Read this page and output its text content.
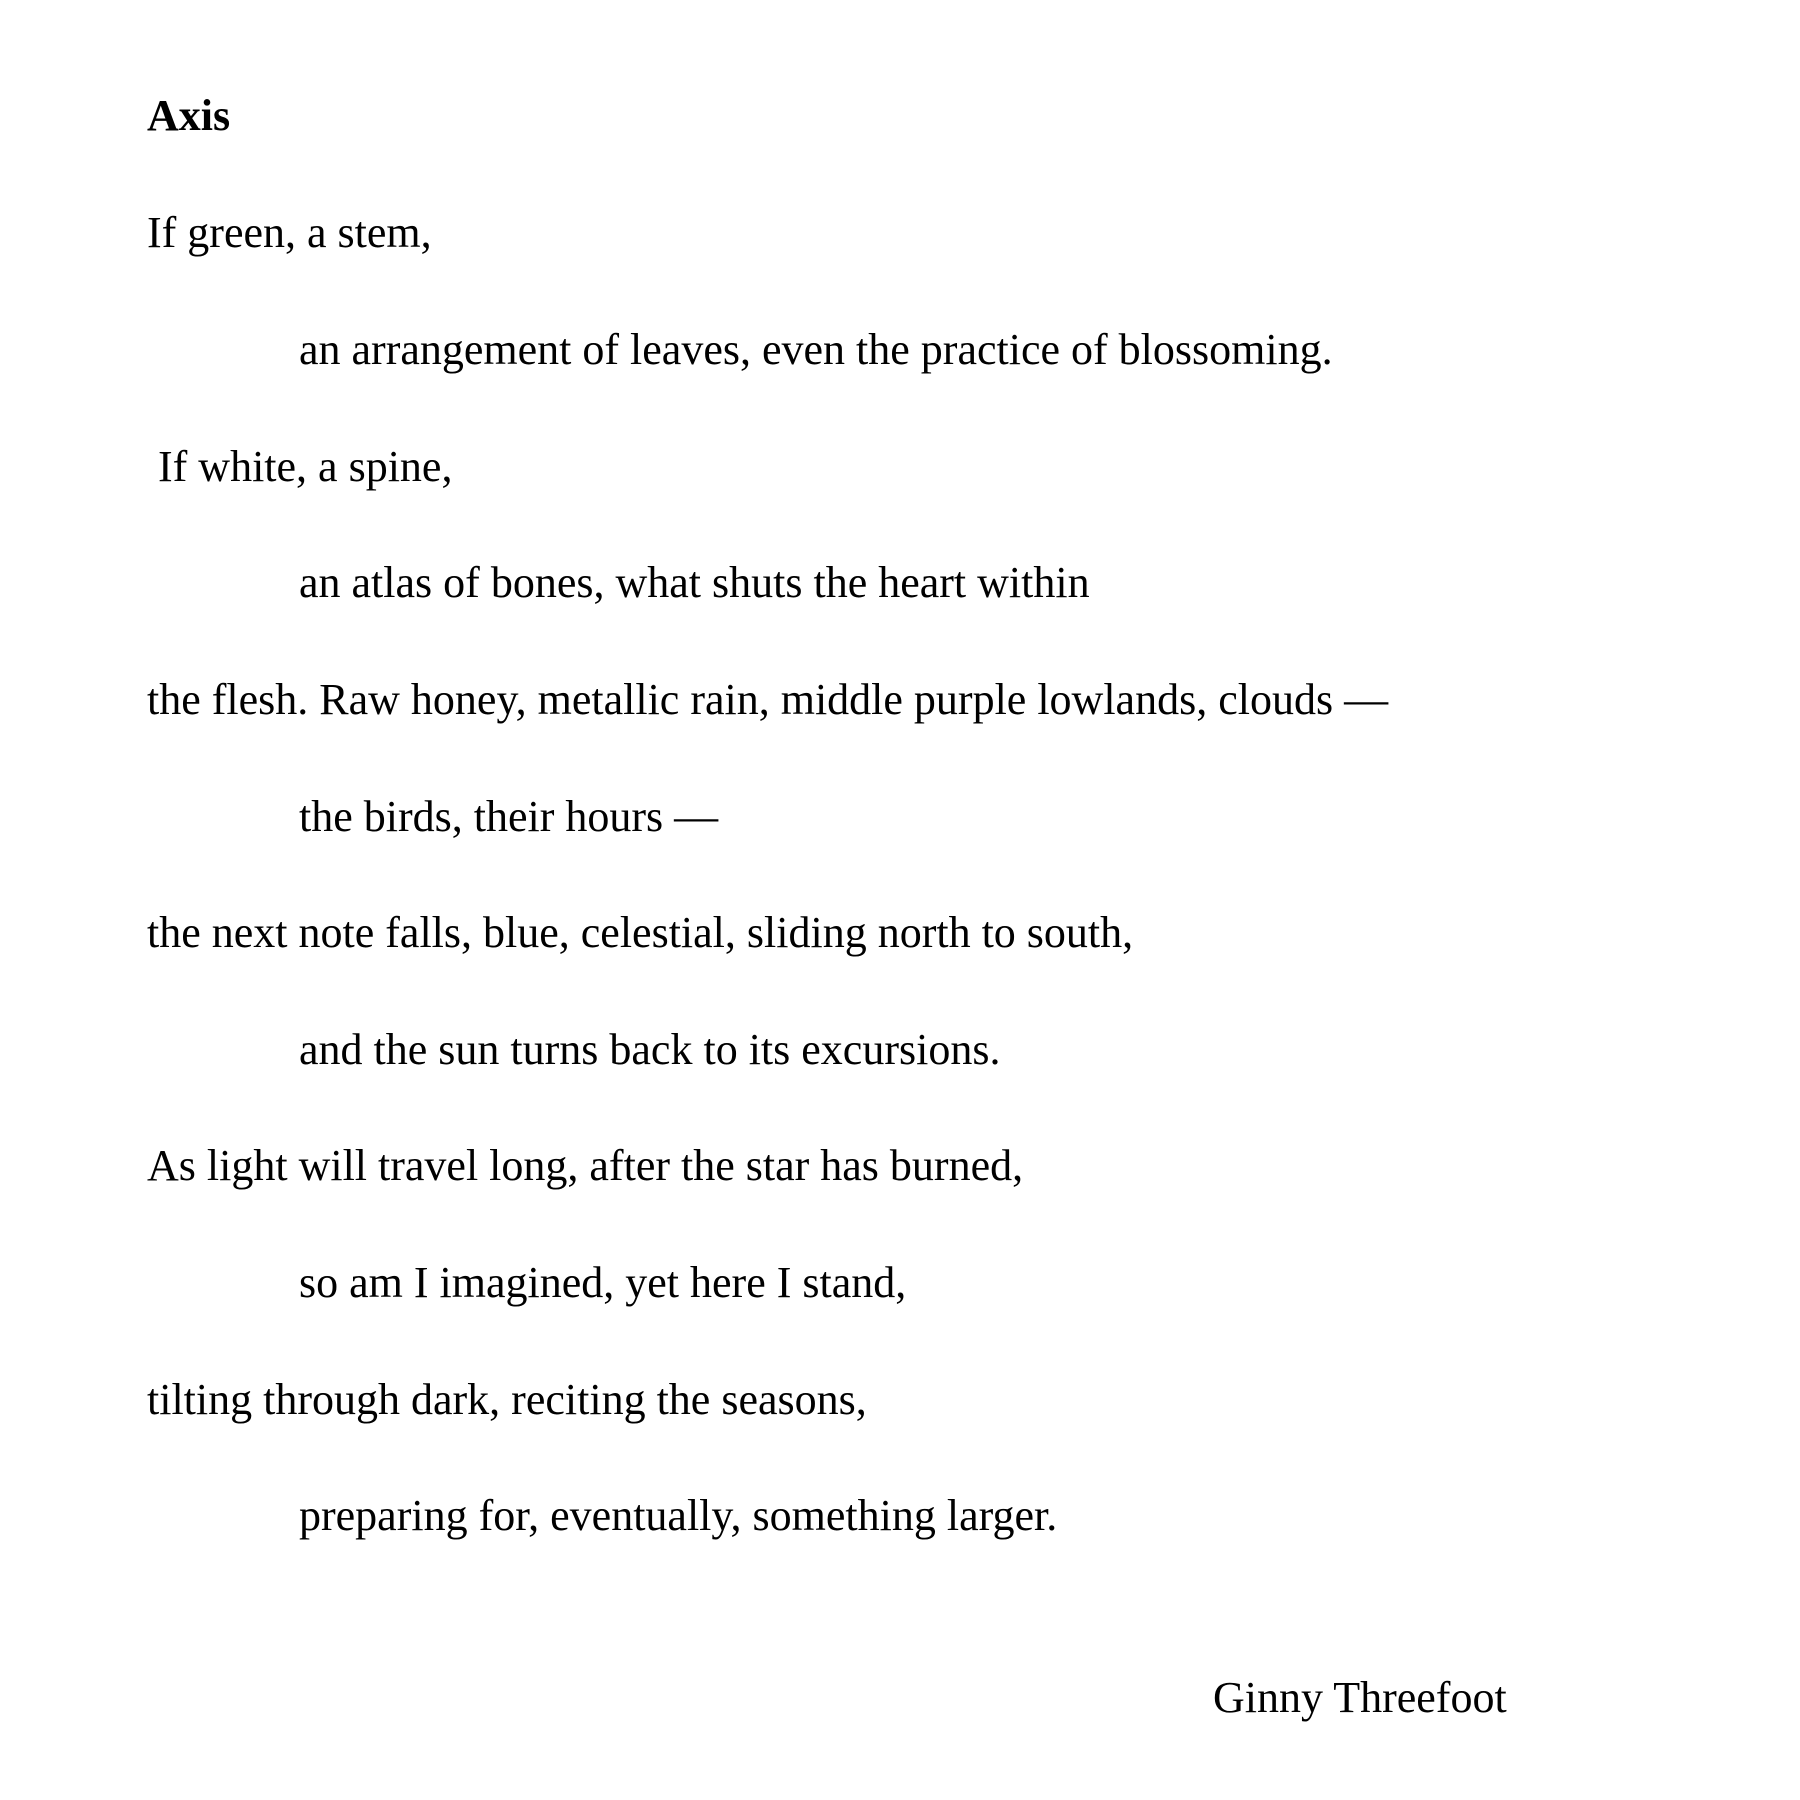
Axis

If green, a stem,

an arrangement of leaves, even the practice of blossoming.

If white, a spine,

an atlas of bones, what shuts the heart within

the flesh. Raw honey, metallic rain, middle purple lowlands, clouds —

the birds, their hours —

the next note falls, blue, celestial, sliding north to south,

and the sun turns back to its excursions.

As light will travel long, after the star has burned,

so am I imagined, yet here I stand,

tilting through dark, reciting the seasons,

preparing for, eventually, something larger.

Ginny Threefoot
